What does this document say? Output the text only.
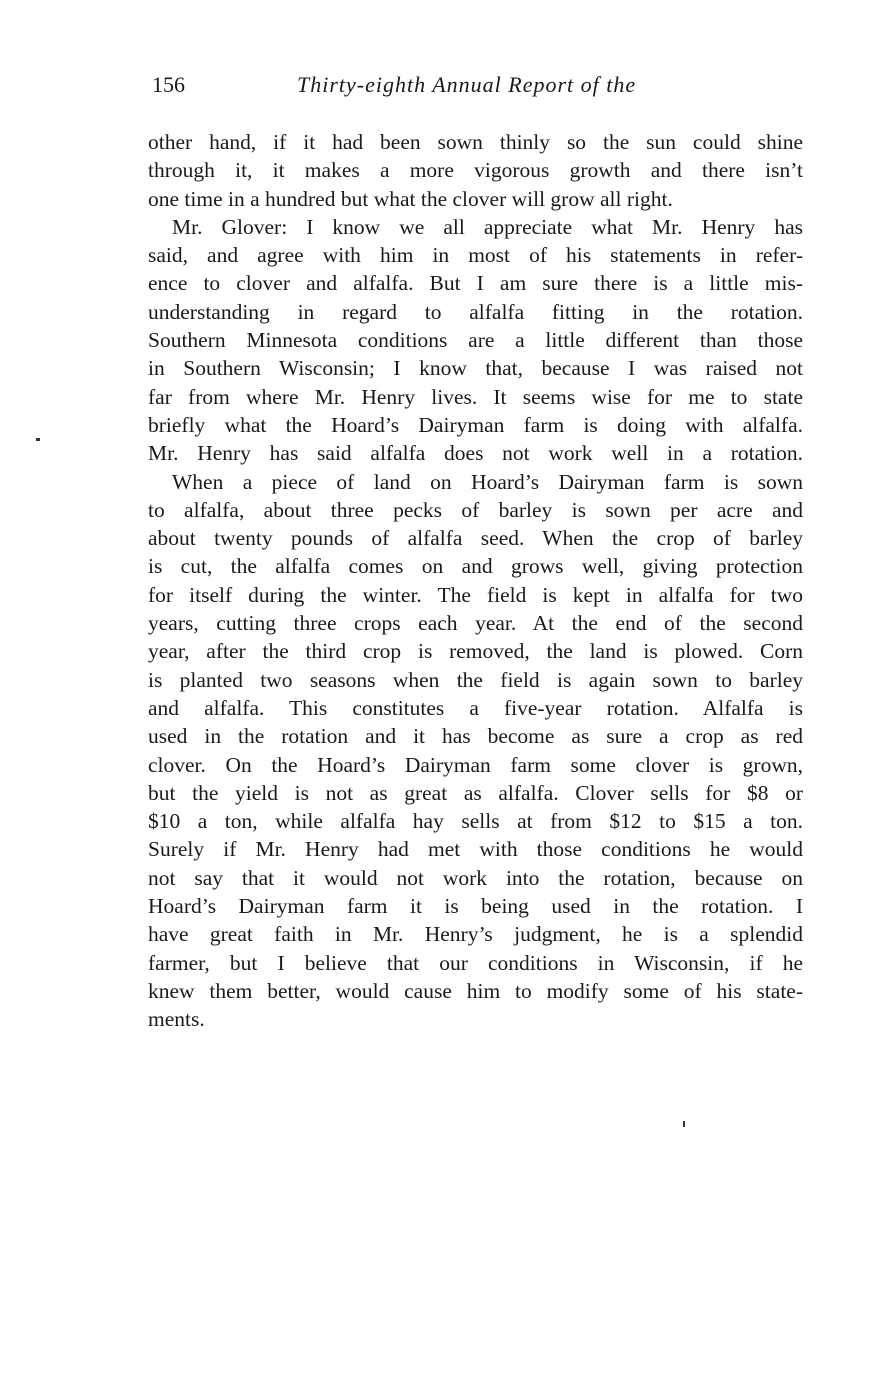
156	Thirty-eighth Annual Report of the
other hand, if it had been sown thinly so the sun could shine
through it, it makes a more vigorous growth and there isn’t
one time in a hundred but what the clover will grow all right.
Mr. Glover: I know we all appreciate what Mr. Henry has
said, and agree with him in most of his statements in refer-
ence to clover and alfalfa. But I am sure there is a little mis-
understanding in regard to alfalfa fitting in the rotation.
Southern Minnesota conditions are a little different than those
in Southern Wisconsin; I know that, because I was raised not
far from where Mr. Henry lives. It seems wise for me to state
briefly what the Hoard’s Dairyman farm is doing with alfalfa.
Mr. Henry has said alfalfa does not work well in a rotation.
When a piece of land on Hoard’s Dairyman farm is sown
to alfalfa, about three pecks of barley is sown per acre and
about twenty pounds of alfalfa seed. When the crop of barley
is cut, the alfalfa comes on and grows well, giving protection
for itself during the winter. The field is kept in alfalfa for two
years, cutting three crops each year. At the end of the second
year, after the third crop is removed, the land is plowed. Corn
is planted two seasons when the field is again sown to barley
and alfalfa. This constitutes a five-year rotation. Alfalfa is
used in the rotation and it has become as sure a crop as red
clover. On the Hoard’s Dairyman farm some clover is grown,
but the yield is not as great as alfalfa. Clover sells for $8 or
$10 a ton, while alfalfa hay sells at from $12 to $15 a ton.
Surely if Mr. Henry had met with those conditions he would
not say that it would not work into the rotation, because on
Hoard’s Dairyman farm it is being used in the rotation. I
have great faith in Mr. Henry’s judgment, he is a splendid
farmer, but I believe that our conditions in Wisconsin, if he
knew them better, would cause him to modify some of his state-
ments.
